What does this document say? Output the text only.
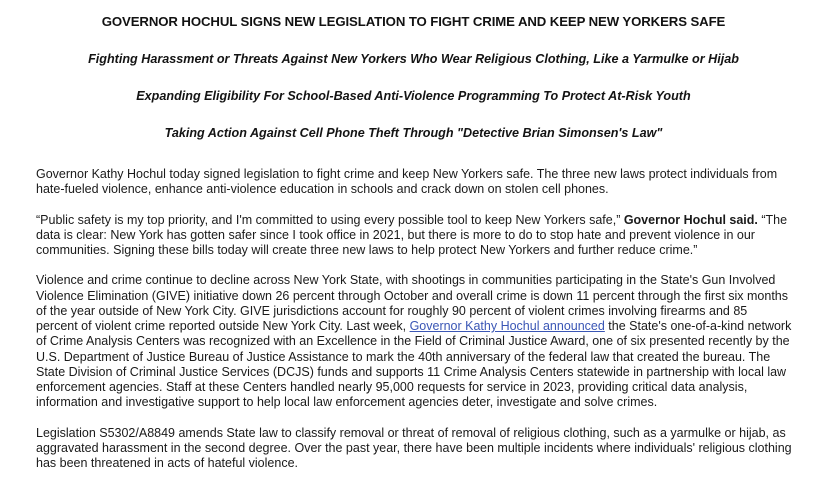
GOVERNOR HOCHUL SIGNS NEW LEGISLATION TO FIGHT CRIME AND KEEP NEW YORKERS SAFE
Fighting Harassment or Threats Against New Yorkers Who Wear Religious Clothing, Like a Yarmulke or Hijab
Expanding Eligibility For School-Based Anti-Violence Programming To Protect At-Risk Youth
Taking Action Against Cell Phone Theft Through "Detective Brian Simonsen's Law"

Governor Kathy Hochul today signed legislation to fight crime and keep New Yorkers safe. The three new laws protect individuals from hate-fueled violence, enhance anti-violence education in schools and crack down on stolen cell phones.

“Public safety is my top priority, and I'm committed to using every possible tool to keep New Yorkers safe,” Governor Hochul said. “The data is clear: New York has gotten safer since I took office in 2021, but there is more to do to stop hate and prevent violence in our communities. Signing these bills today will create three new laws to help protect New Yorkers and further reduce crime.”

Violence and crime continue to decline across New York State, with shootings in communities participating in the State's Gun Involved Violence Elimination (GIVE) initiative down 26 percent through October and overall crime is down 11 percent through the first six months of the year outside of New York City. GIVE jurisdictions account for roughly 90 percent of violent crimes involving firearms and 85 percent of violent crime reported outside New York City. Last week, Governor Kathy Hochul announced the State's one-of-a-kind network of Crime Analysis Centers was recognized with an Excellence in the Field of Criminal Justice Award, one of six presented recently by the U.S. Department of Justice Bureau of Justice Assistance to mark the 40th anniversary of the federal law that created the bureau. The State Division of Criminal Justice Services (DCJS) funds and supports 11 Crime Analysis Centers statewide in partnership with local law enforcement agencies. Staff at these Centers handled nearly 95,000 requests for service in 2023, providing critical data analysis, information and investigative support to help local law enforcement agencies deter, investigate and solve crimes.

Legislation S5302/A8849 amends State law to classify removal or threat of removal of religious clothing, such as a yarmulke or hijab, as aggravated harassment in the second degree. Over the past year, there have been multiple incidents where individuals' religious clothing has been threatened in acts of hateful violence.
